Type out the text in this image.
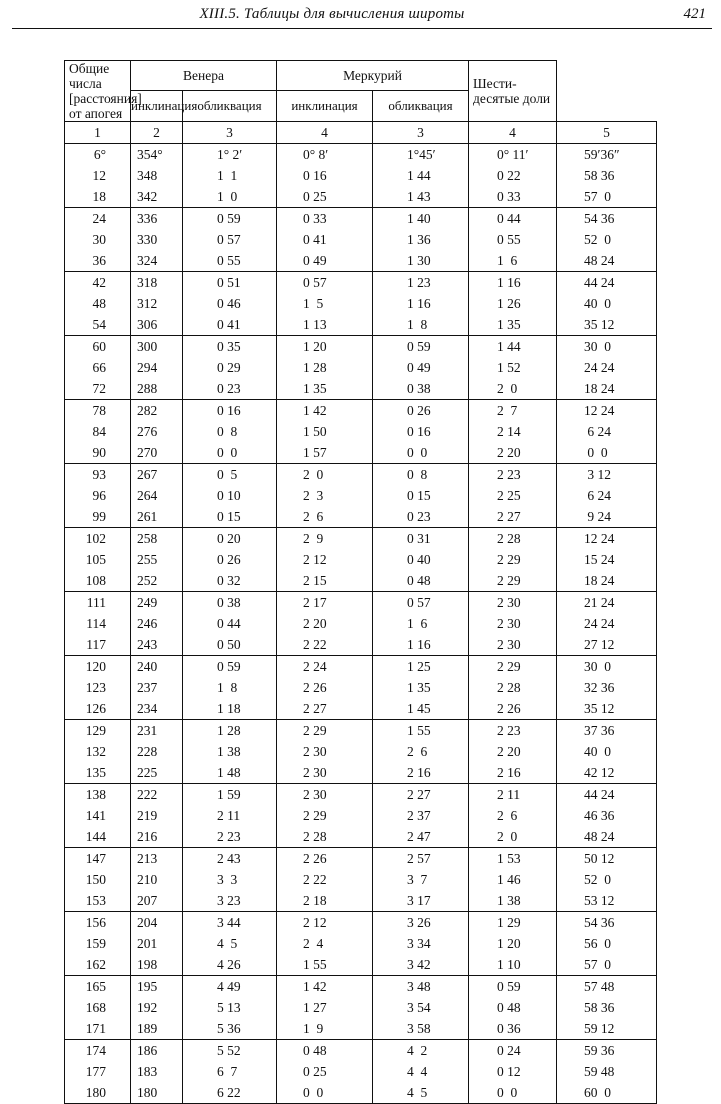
XIII.5. Таблицы для вычисления широты	421
Общие числа [расстояния] от апогея	Венера		Меркурий		Шести- десятые доли	
	инклинация	обликвация	инклинация	обликвация		
1	2	3	4	3	4	5
6°	354°	1° 2′	0° 8′	1°45′	0° 11′	59′36″
12	348	1  1	0 16	1 44	0 22	58 36
18	342	1  0	0 25	1 43	0 33	57  0
24	336	0 59	0 33	1 40	0 44	54 36
30	330	0 57	0 41	1 36	0 55	52  0
36	324	0 55	0 49	1 30	1  6	48 24
42	318	0 51	0 57	1 23	1 16	44 24
48	312	0 46	1  5	1 16	1 26	40  0
54	306	0 41	1 13	1  8	1 35	35 12
60	300	0 35	1 20	0 59	1 44	30  0
66	294	0 29	1 28	0 49	1 52	24 24
72	288	0 23	1 35	0 38	2  0	18 24
78	282	0 16	1 42	0 26	2  7	12 24
84	276	0  8	1 50	0 16	2 14	6 24
90	270	0  0	1 57	0  0	2 20	0  0
93	267	0  5	2  0	0  8	2 23	3 12
96	264	0 10	2  3	0 15	2 25	6 24
99	261	0 15	2  6	0 23	2 27	9 24
102	258	0 20	2  9	0 31	2 28	12 24
105	255	0 26	2 12	0 40	2 29	15 24
108	252	0 32	2 15	0 48	2 29	18 24
111	249	0 38	2 17	0 57	2 30	21 24
114	246	0 44	2 20	1  6	2 30	24 24
117	243	0 50	2 22	1 16	2 30	27 12
120	240	0 59	2 24	1 25	2 29	30  0
123	237	1  8	2 26	1 35	2 28	32 36
126	234	1 18	2 27	1 45	2 26	35 12
129	231	1 28	2 29	1 55	2 23	37 36
132	228	1 38	2 30	2  6	2 20	40  0
135	225	1 48	2 30	2 16	2 16	42 12
138	222	1 59	2 30	2 27	2 11	44 24
141	219	2 11	2 29	2 37	2  6	46 36
144	216	2 23	2 28	2 47	2  0	48 24
147	213	2 43	2 26	2 57	1 53	50 12
150	210	3  3	2 22	3  7	1 46	52  0
153	207	3 23	2 18	3 17	1 38	53 12
156	204	3 44	2 12	3 26	1 29	54 36
159	201	4  5	2  4	3 34	1 20	56  0
162	198	4 26	1 55	3 42	1 10	57  0
165	195	4 49	1 42	3 48	0 59	57 48
168	192	5 13	1 27	3 54	0 48	58 36
171	189	5 36	1  9	3 58	0 36	59 12
174	186	5 52	0 48	4  2	0 24	59 36
177	183	6  7	0 25	4  4	0 12	59 48
180	180	6 22	0  0	4  5	0  0	60  0
